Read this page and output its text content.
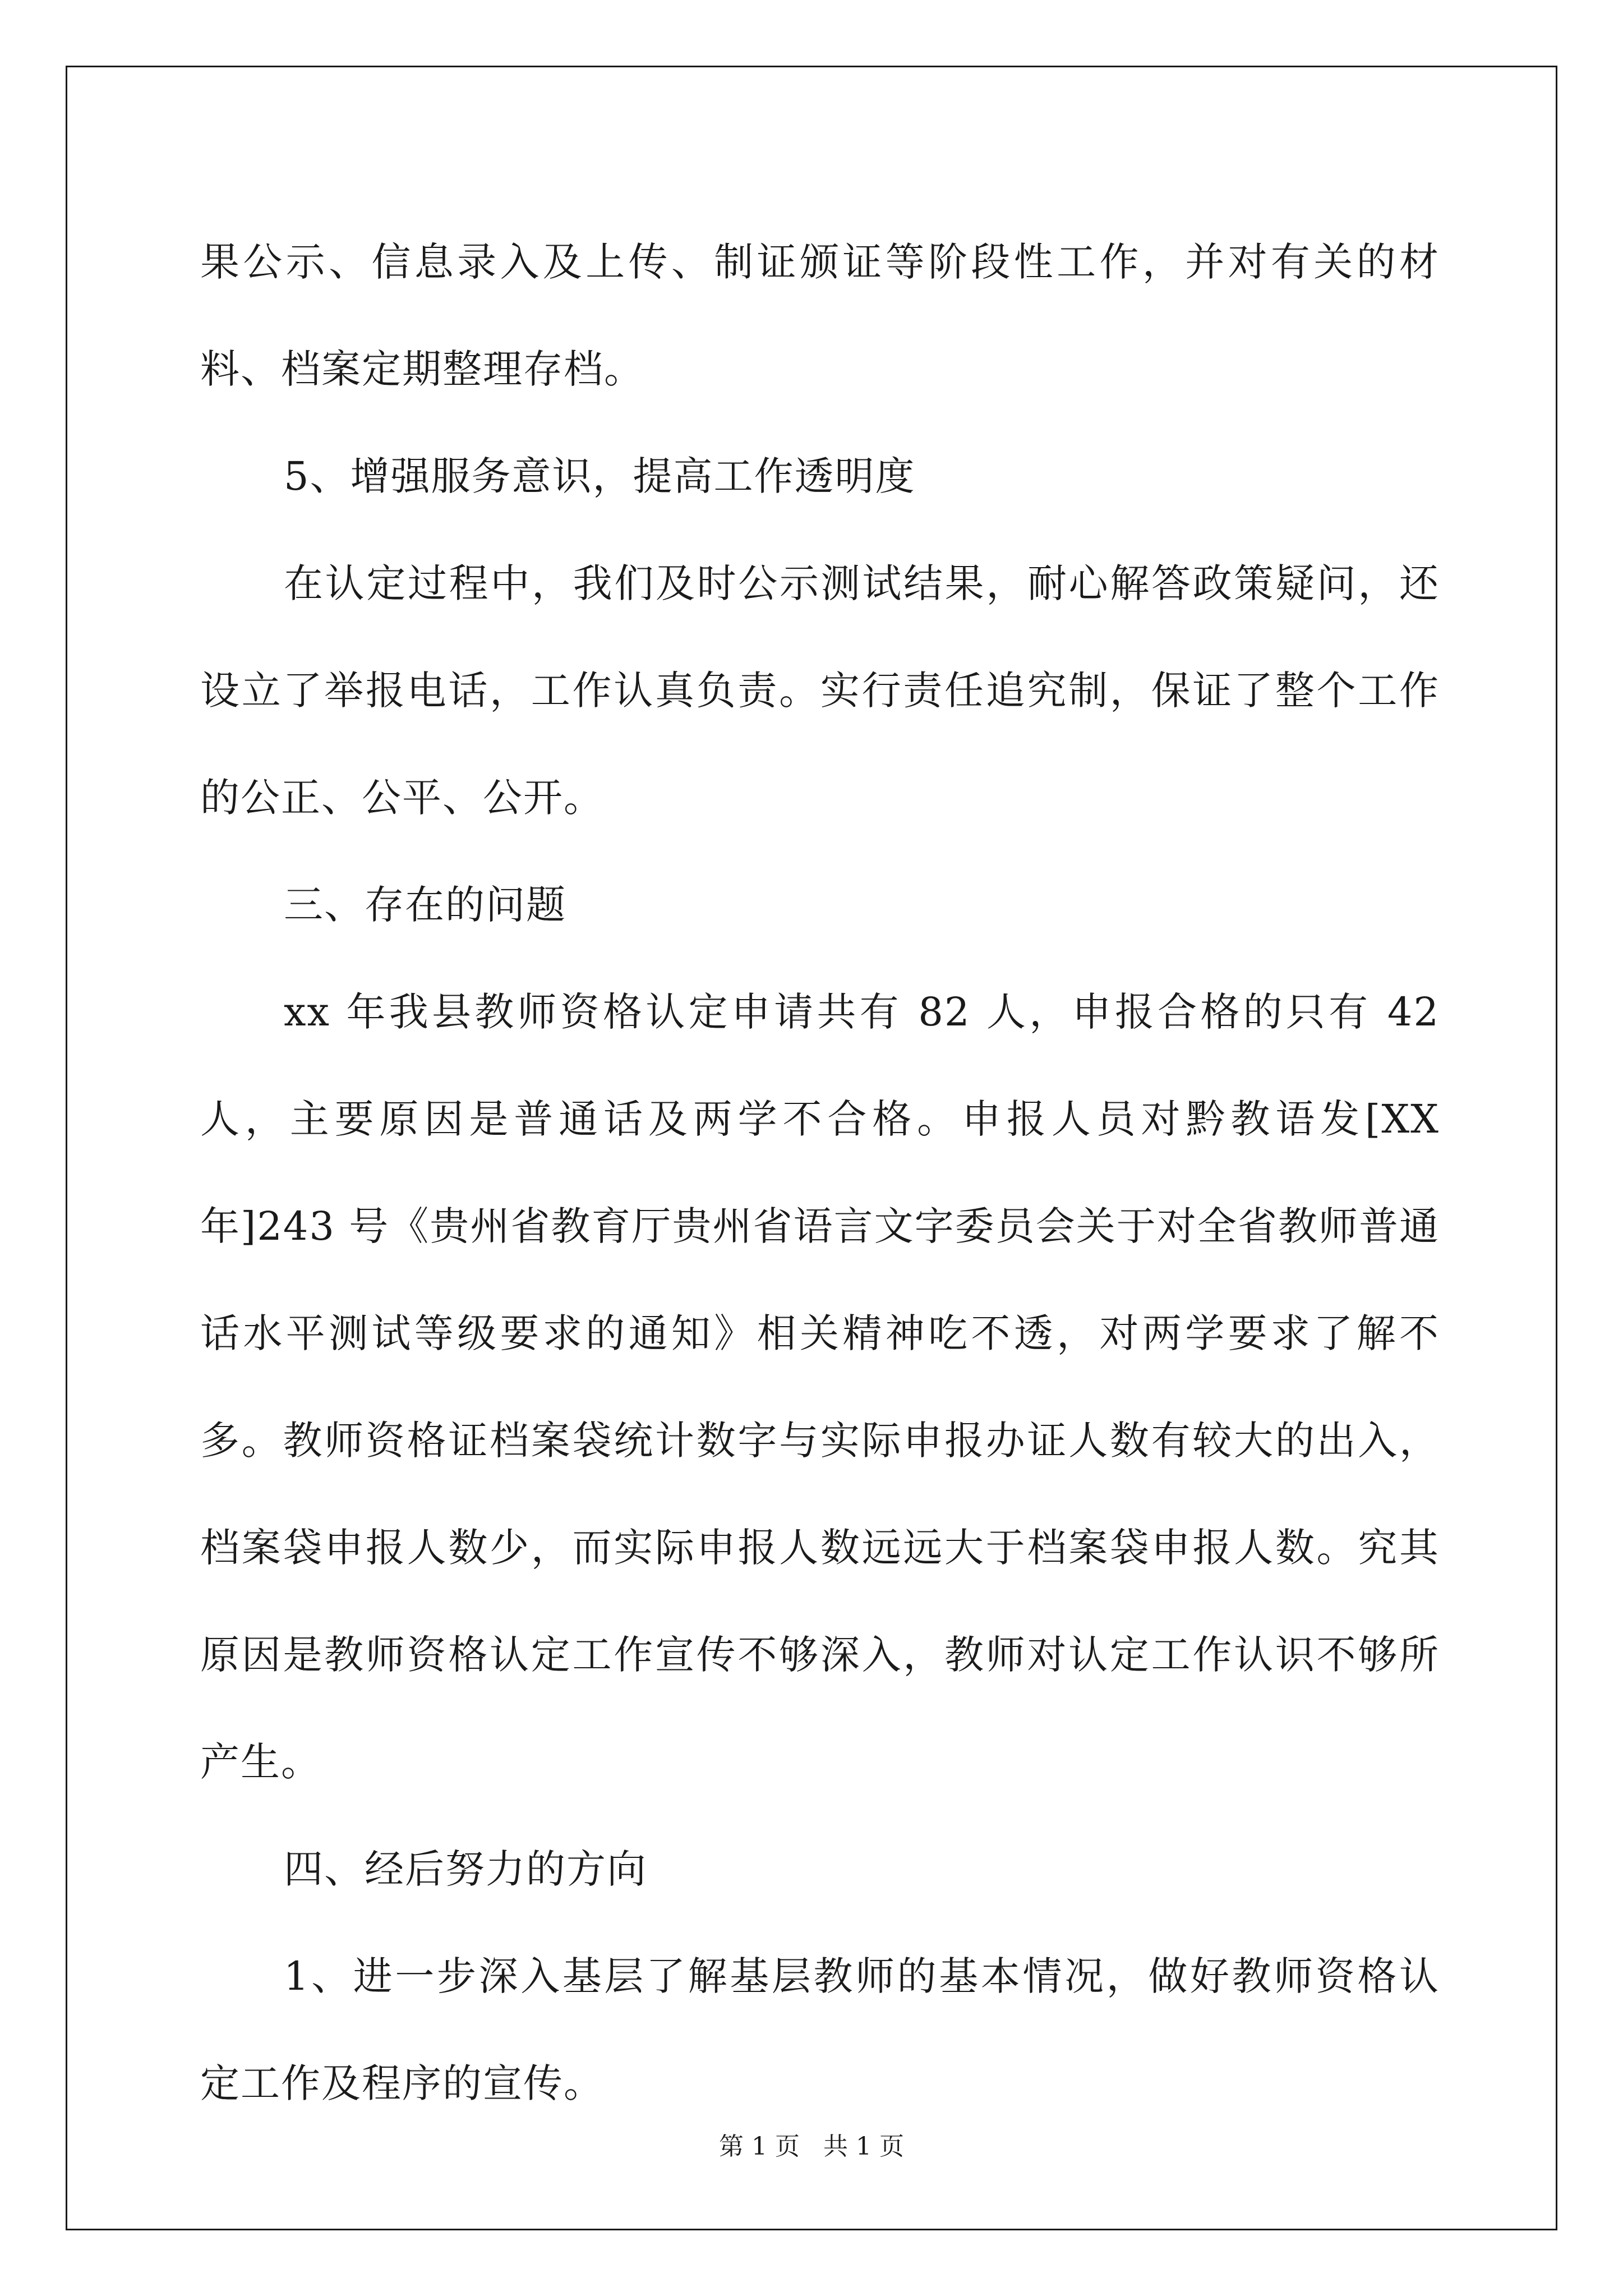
果公示、信息录入及上传、制证颁证等阶段性工作，并对有关的材料、档案定期整理存档。

5、增强服务意识，提高工作透明度

在认定过程中，我们及时公示测试结果，耐心解答政策疑问，还设立了举报电话，工作认真负责。实行责任追究制，保证了整个工作的公正、公平、公开。

三、存在的问题

xx 年我县教师资格认定申请共有 82 人，申报合格的只有 42 人，主要原因是普通话及两学不合格。申报人员对黔教语发[XX 年]243 号《贵州省教育厅贵州省语言文字委员会关于对全省教师普通话水平测试等级要求的通知》相关精神吃不透，对两学要求了解不多。教师资格证档案袋统计数字与实际申报办证人数有较大的出入，档案袋申报人数少，而实际申报人数远远大于档案袋申报人数。究其原因是教师资格认定工作宣传不够深入，教师对认定工作认识不够所产生。

四、经后努力的方向

1、进一步深入基层了解基层教师的基本情况，做好教师资格认定工作及程序的宣传。

第 1 页   共 1 页
